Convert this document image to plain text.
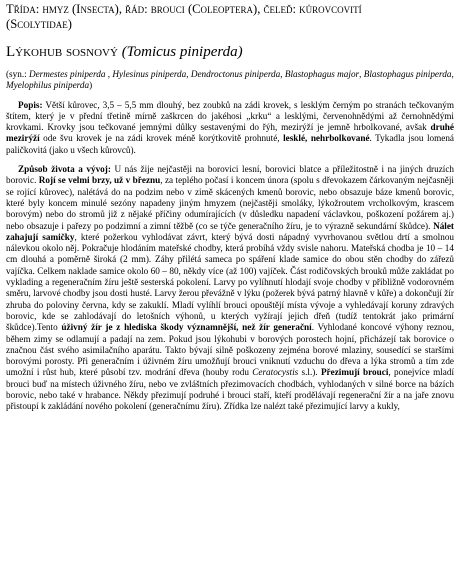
Třída: hmyz (Insecta), řád: brouci (Coleoptera), čeleď: kůrovcovití

(Scolytidae)

Lýkohub sosnový (Tomicus piniperda)
(syn.: Dermestes piniperda , Hylesinus piniperda, Dendroctonus piniperda, Blastophagus major, Blastophagus piniperda, Myelophilus piniperda)
Popis: Větší kůrovec, 3,5 – 5,5 mm dlouhý, bez zoubků na zádi krovek, s lesklým černým po stranách tečkovaným štítem, který je v přední třetině mírně zaškrcen do jakéhosi „krku“ a lesklými, červenohnědými až černohnědými krovkami. Krovky jsou tečkované jemnými důlky sestavenými do řýh, mezirýží je jemně hrbolkované, avšak druhé mezirýží ode švu krovek je na zádi krovek méně korýtkovitě prohnuté, lesklé, nehrbolkované. Tykadla jsou lomená paličkovitá (jako u všech kůrovců).
Způsob života a vývoj: U nás žije nejčastěji na borovici lesní, borovici blatce a příležitostně i na jiných druzích borovic. Rojí se velmi brzy, už v březnu, za teplého počasí i koncem února (spolu s dřevokazem čárkovaným nejčasněji se rojící kůrovec), nalétává do na podzim nebo v zimě skácených kmenů borovic, nebo obsazuje báze kmenů borovic, které byly koncem minulé sezóny napadeny jiným hmyzem (nejčastěji smoláky, lýkožroutem vrcholkovým, krascem borovým) nebo do stromů již z nějaké příčiny odumírajících (v důsledku napadení václavkou, poškození požárem aj.) nebo obsazuje i pařezy po podzimní a zimní těžbě (co se týče generačního žíru, je to výrazně sekundární škůdce). Nálet zahajují samičky, které požerkou vyhlodávat závrt, který bývá dosti nápadný vyvrhovanou světlou drtí a smolnou nálevkou okolo něj. Pokračuje hlodáním mateřské chodby, která probíhá vždy svisle nahoru. Mateřská chodba je 10 – 14 cm dlouhá a poměrně široká (2 mm). Záhy přilétá sameca po spáření klade samice do obou stěn chodby do zářezů vajíčka. Celkem naklade samice okolo 60 – 80, někdy více (až 100) vajíček. Část rodičovských brouků může zakládat po vyklading a regeneračním žíru ještě sesterská pokolení. Larvy po vylíhnutí hlodají svoje chodby v přibližně vodorovném směru, larvové chodby jsou dosti husté. Larvy žerou převážně v lýku (požerek bývá patrný hlavně v kůře) a dokončují žír zhruba do poloviny června, kdy se zakuklí. Mladí vylíhlí brouci opouštějí místa vývoje a vyhledávají koruny zdravých borovic, kde se zahlodávají do letošních výhonů, u kterých vyžírají jejich dřeň (tudíž tentokrát jako primární škůdce).Tento úživný žír je z hlediska škody významnější, než žír generační. Vyhlodané koncové výhony reznou, během zimy se odlamují a padají na zem. Pokud jsou lýkohubi v borových porostech hojní, přicházejí tak borovice o značnou část svého asimilačního aparátu. Takto bývají silně poškozeny zejména borové mlaziny, sousedící se staršími borovými porosty. Při generačním i úživném žíru umožňují brouci vniknutí vzduchu do dřeva a lýka stromů a tím zde umožní i růst hub, které působí tzv. modrání dřeva (houby rodu Ceratocystis s.l.). Přezimují brouci, ponejvíce mladí brouci buď na místech úživného žíru, nebo ve zvláštních přezimovacích chodbách, vyhlodaných v silné borce na bázích borovic, nebo také v hrabance. Někdy přezimují podruhé i brouci staří, kteří prodělávají regenerační žír a na jaře znovu přistoupí k zakládání nového pokolení (generačnímu žíru). Zřídka lze nalézt také přezimující larvy a kukly,
